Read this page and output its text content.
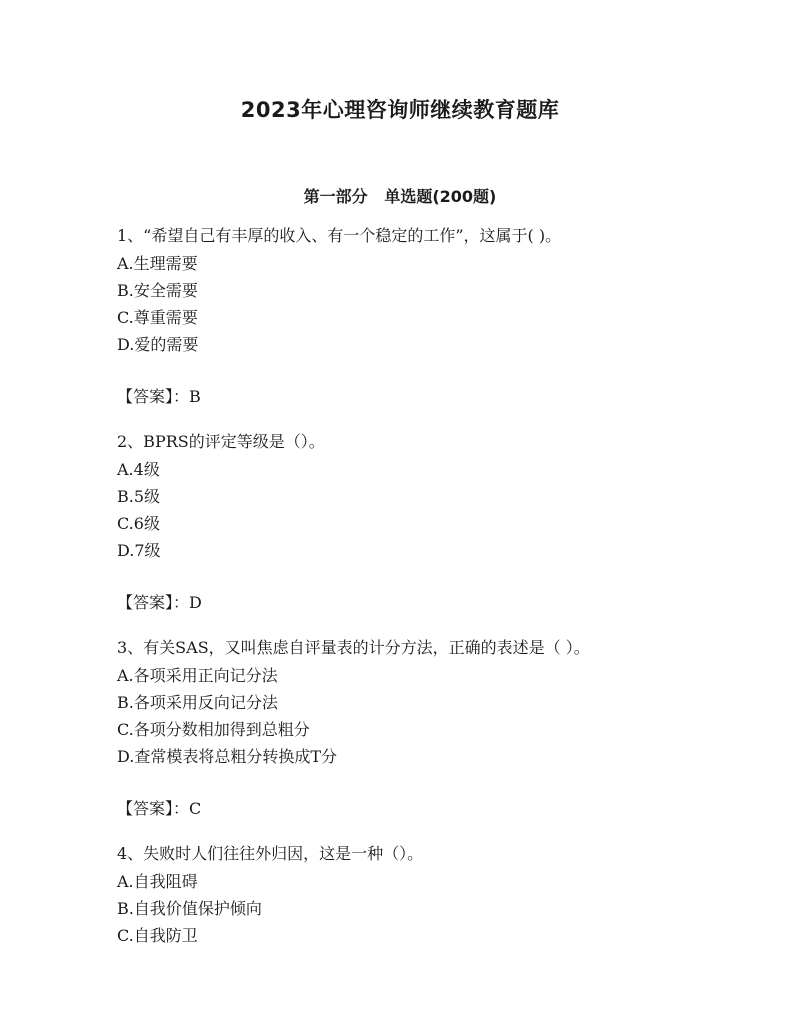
2023年心理咨询师继续教育题库
第一部分   单选题(200题)
1、“希望自己有丰厚的收入、有一个稳定的工作”，这属于( )。
A.生理需要
B.安全需要
C.尊重需要
D.爱的需要
【答案】：B
2、BPRS的评定等级是（）。
A.4级
B.5级
C.6级
D.7级
【答案】：D
3、有关SAS，又叫焦虑自评量表的计分方法，正确的表述是（ ）。
A.各项采用正向记分法
B.各项采用反向记分法
C.各项分数相加得到总粗分
D.查常模表将总粗分转换成T分
【答案】：C
4、失败时人们往往外归因，这是一种（）。
A.自我阻碍
B.自我价值保护倾向
C.自我防卫
